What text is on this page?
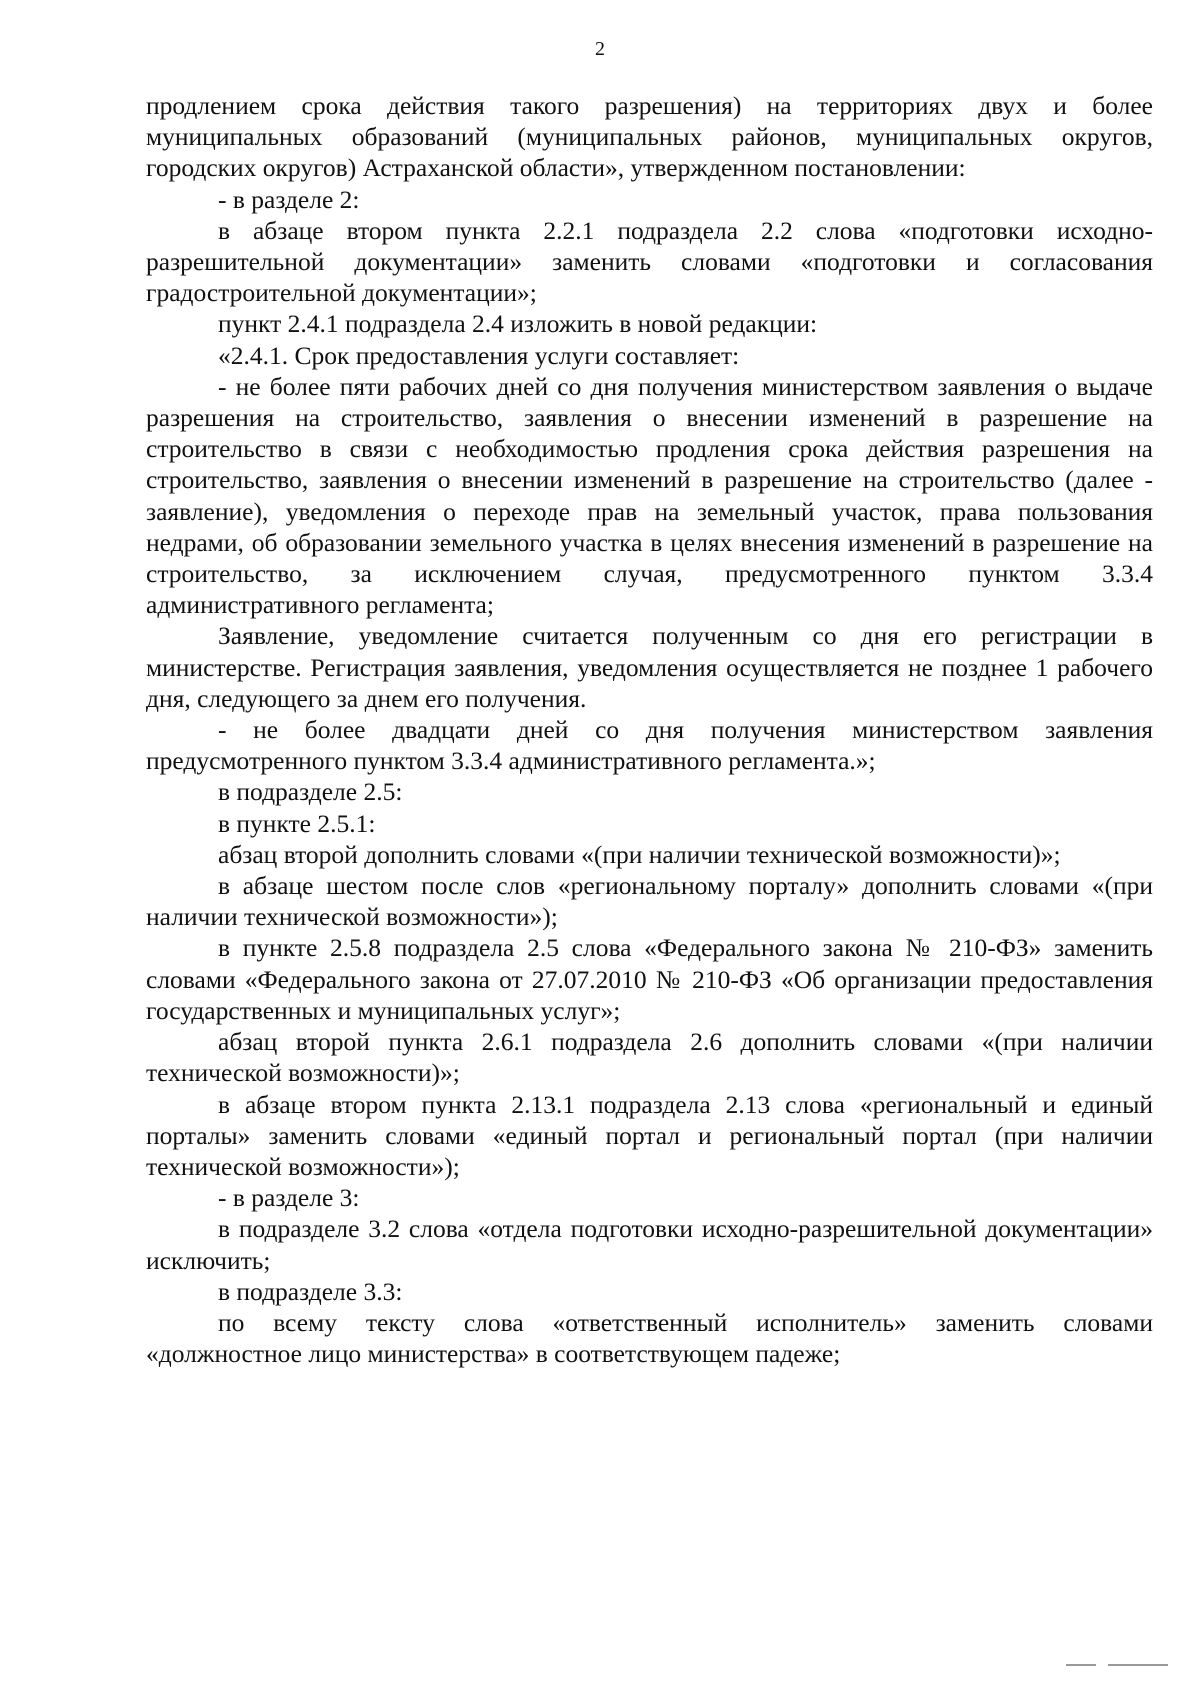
2

продлением срока действия такого разрешения) на территориях двух и более муниципальных образований (муниципальных районов, муниципальных округов, городских округов) Астраханской области», утвержденном постановлении:

- в разделе 2:

в абзаце втором пункта 2.2.1 подраздела 2.2 слова «подготовки исходно-разрешительной документации» заменить словами «подготовки и согласования градостроительной документации»;

пункт 2.4.1 подраздела 2.4 изложить в новой редакции:

«2.4.1. Срок предоставления услуги составляет:

- не более пяти рабочих дней со дня получения министерством заявления о выдаче разрешения на строительство, заявления о внесении изменений в разрешение на строительство в связи с необходимостью продления срока действия разрешения на строительство, заявления о внесении изменений в разрешение на строительство (далее - заявление), уведомления о переходе прав на земельный участок, права пользования недрами, об образовании земельного участка в целях внесения изменений в разрешение на строительство, за исключением случая, предусмотренного пунктом 3.3.4 административного регламента;

Заявление, уведомление считается полученным со дня его регистрации в министерстве. Регистрация заявления, уведомления осуществляется не позднее 1 рабочего дня, следующего за днем его получения.

- не более двадцати дней со дня получения министерством заявления предусмотренного пунктом 3.3.4 административного регламента.»;

в подразделе 2.5:

в пункте 2.5.1:

абзац второй дополнить словами «(при наличии технической возможности)»;

в абзаце шестом после слов «региональному порталу» дополнить словами «(при наличии технической возможности»);

в пункте 2.5.8 подраздела 2.5 слова «Федерального закона № 210-ФЗ» заменить словами «Федерального закона от 27.07.2010 № 210-ФЗ «Об организации предоставления государственных и муниципальных услуг»;

абзац второй пункта 2.6.1 подраздела 2.6 дополнить словами «(при наличии технической возможности)»;

в абзаце втором пункта 2.13.1 подраздела 2.13 слова «региональный и единый порталы» заменить словами «единый портал и региональный портал (при наличии технической возможности»);

- в разделе 3:

в подразделе 3.2 слова «отдела подготовки исходно-разрешительной документации» исключить;

в подразделе 3.3:

по всему тексту слова «ответственный исполнитель» заменить словами «должностное лицо министерства» в соответствующем падеже;
